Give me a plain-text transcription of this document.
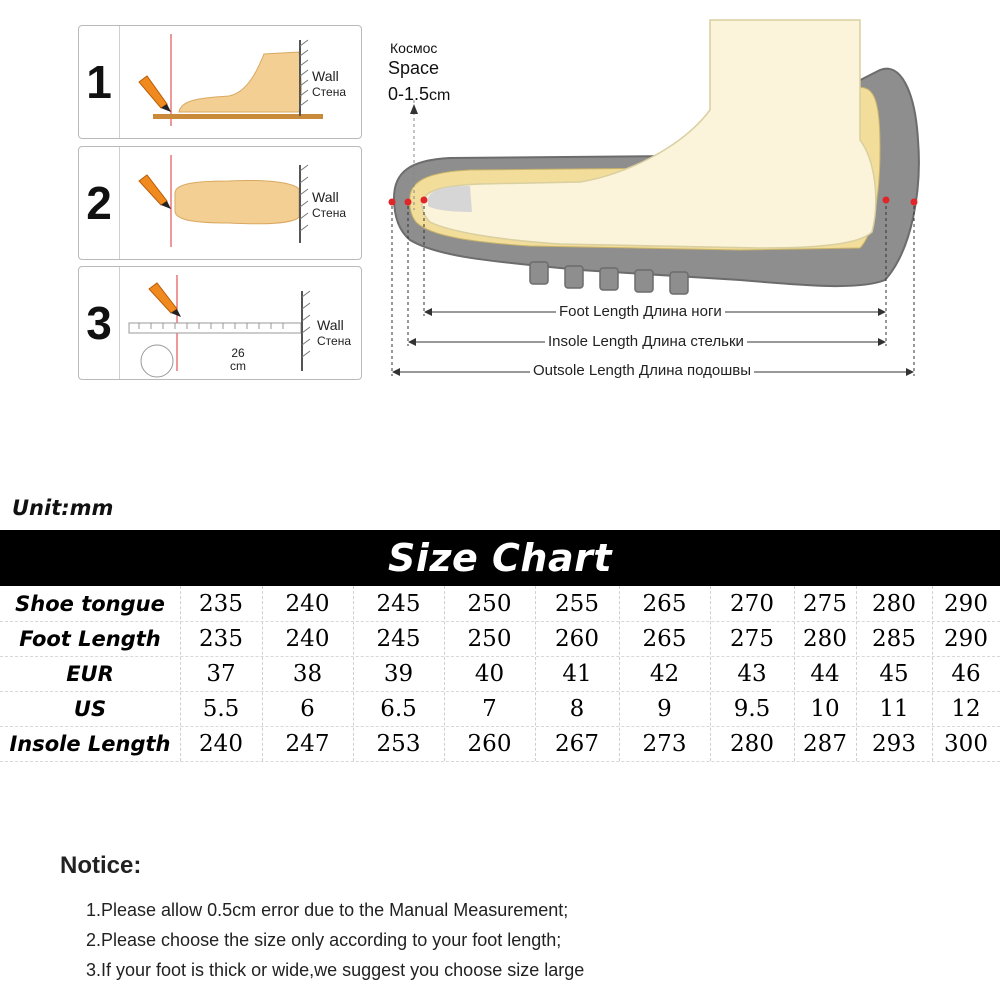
1	Wall
Стена
2	Wall
Стена
3
26
cm
Wall
Стена
Космос
Space
0-1.5cm
Foot Length Длина ноги
Insole Length Длина стельки
Outsole Length Длина подошвы
Unit:mm
Size Chart
Shoe tongue	235	240	245	250	255	265	270	275	280	290
Foot Length	235	240	245	250	260	265	275	280	285	290
EUR	37	38	39	40	41	42	43	44	45	46
US	5.5	6	6.5	7	8	9	9.5	10	11	12
Insole Length	240	247	253	260	267	273	280	287	293	300
Notice:
1.Please allow 0.5cm error due to the Manual Measurement;
2.Please choose the size only according to your foot length;
3.If your foot is thick or wide,we suggest you choose size large
